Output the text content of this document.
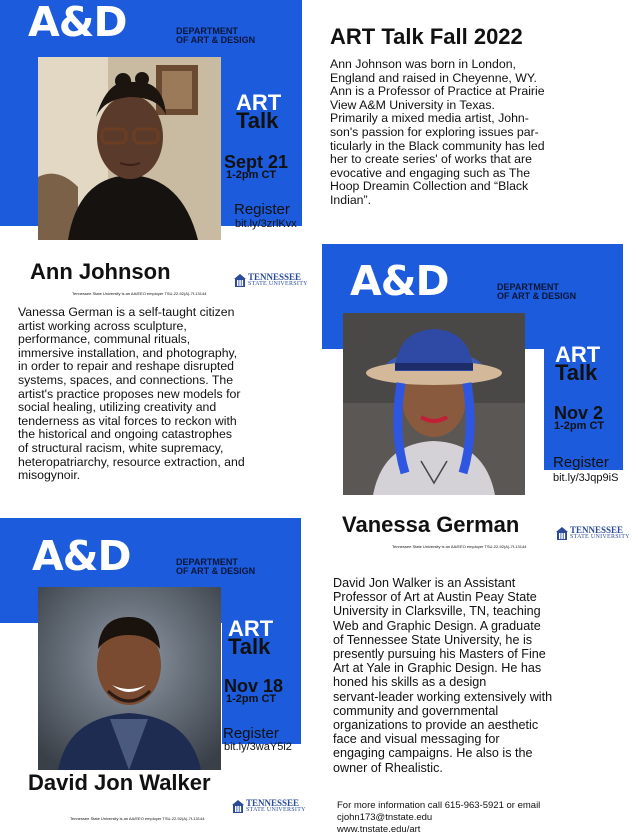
ART Talk Fall 2022
A&D	DEPARTMENT
OF ART & DESIGN
ART
Talk
Sept 21
1-2pm CT
Register
bit.ly/3zrlKvx
Ann Johnson	TENNESSEE
STATE UNIVERSITY
Tennessee State University is an AA/EEO employer TSU-22-92(A)-7f-13144
Ann Johnson was born in London,
England and raised in Cheyenne, WY.
Ann is a Professor of Practice at Prairie
View A&M University in Texas.
Primarily a mixed media artist, John-
son's passion for exploring issues par-
ticularly in the Black community has led
her to create series' of works that are
evocative and engaging such as The
Hoop Dreamin Collection and “Black
Indian”.
A&D	DEPARTMENT
OF ART & DESIGN
ART
Talk
Nov 2
1-2pm CT
Register
bit.ly/3Jqp9iS
Vanessa German	TENNESSEE
STATE UNIVERSITY
Tennessee State University is an AA/EEO employer TSU-22-92(A)-7f-13144
Vanessa German is a self-taught citizen
artist working across sculpture,
performance, communal rituals,
immersive installation, and photography,
in order to repair and reshape disrupted
systems, spaces, and connections. The
artist's practice proposes new models for
social healing, utilizing creativity and
tenderness as vital forces to reckon with
the historical and ongoing catastrophes
of structural racism, white supremacy,
heteropatriarchy, resource extraction, and
misogynoir.
A&D	DEPARTMENT
OF ART & DESIGN
ART
Talk
Nov 18
1-2pm CT
Register
bit.ly/3waY5i2
David Jon Walker
TENNESSEE
STATE UNIVERSITY
Tennessee State University is an AA/EEO employer TSU-22-92(A)-7f-13144
David Jon Walker is an Assistant
Professor of Art at Austin Peay State
University in Clarksville, TN, teaching
Web and Graphic Design. A graduate
of Tennessee State University, he is
presently pursuing his Masters of Fine
Art at Yale in Graphic Design. He has
honed his skills as a design
servant-leader working extensively with
community and governmental
organizations to provide an aesthetic
face and visual messaging for
engaging campaigns. He also is the
owner of Rhealistic.
For more information call 615-963-5921 or email cjohn173@tnstate.edu
www.tnstate.edu/art
